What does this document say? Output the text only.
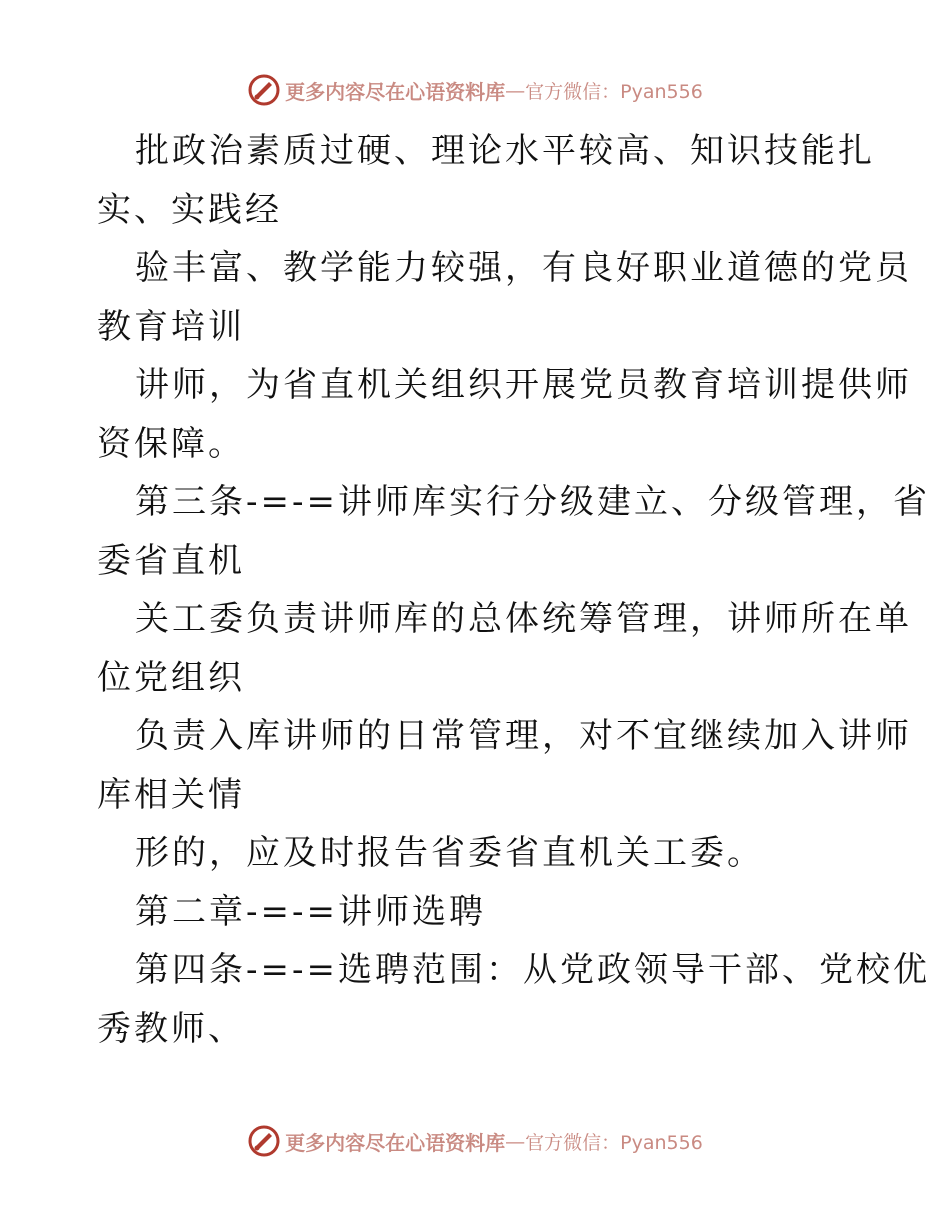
更多内容尽在心语资料库 — 官方微信：Pyan556
批政治素质过硬、理论水平较高、知识技能扎
实、实践经
验丰富、教学能力较强，有良好职业道德的党员
教育培训
讲师，为省直机关组织开展党员教育培训提供师
资保障。
第三条-=-=讲师库实行分级建立、分级管理，省
委省直机
关工委负责讲师库的总体统筹管理，讲师所在单
位党组织
负责入库讲师的日常管理，对不宜继续加入讲师
库相关情
形的，应及时报告省委省直机关工委。
第二章-=-=讲师选聘
第四条-=-=选聘范围：从党政领导干部、党校优
秀教师、
更多内容尽在心语资料库 — 官方微信：Pyan556
